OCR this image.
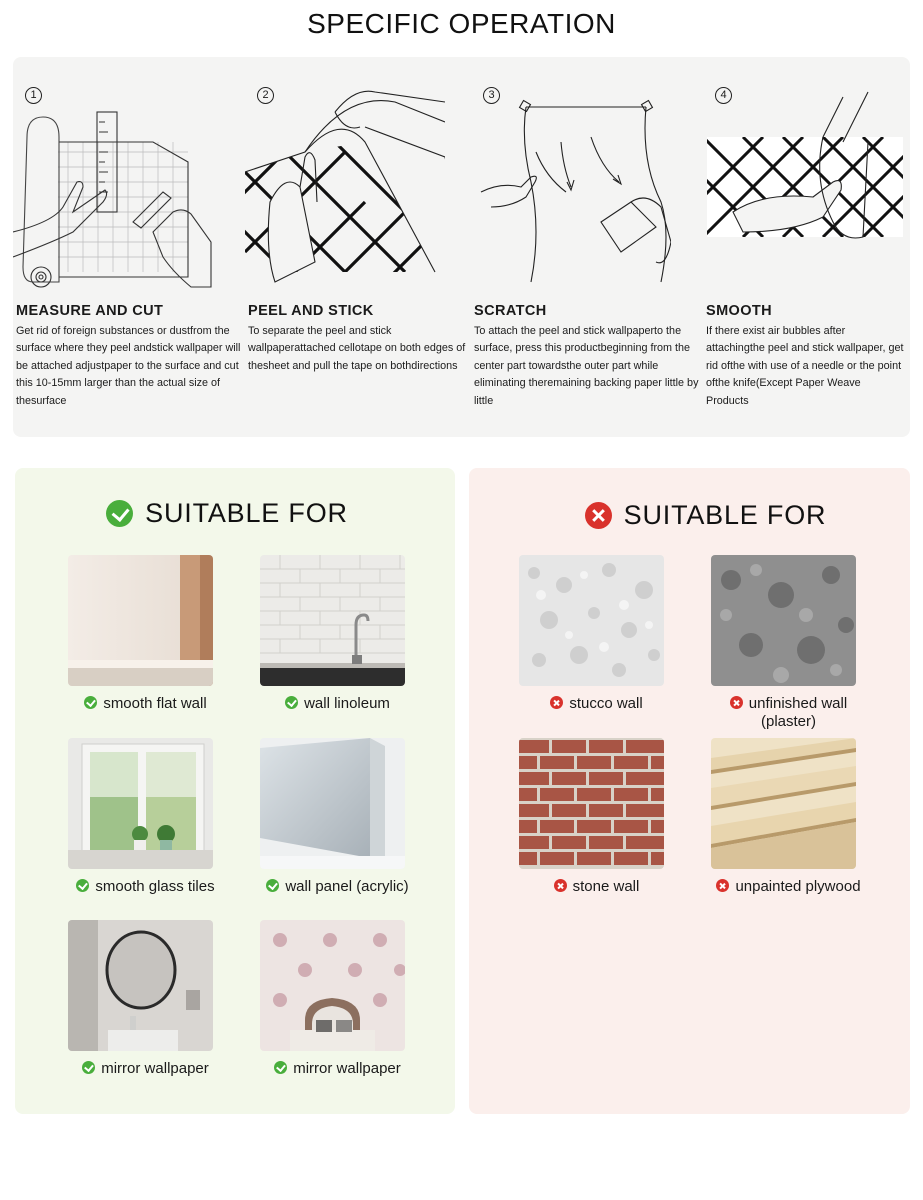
SPECIFIC OPERATION
1
MEASURE AND CUT
Get rid of foreign substances or dustfrom the surface where they peel andstick wallpaper will be attached adjustpaper to the surface and cut this 10-15mm larger than the actual size of thesurface
2
PEEL AND STICK
To separate the peel and stick wallpaperattached cellotape on both edges of thesheet and pull the tape on bothdirections
3
SCRATCH
To attach the peel and stick wallpaperto the surface, press this productbeginning from the center part towardsthe outer part while eliminating theremaining backing paper little by little
4
SMOOTH
If there exist air bubbles after attachingthe peel and stick wallpaper, get rid ofthe with use of a needle or the point ofthe knife(Except Paper Weave Products
SUITABLE FOR
smooth flat wall	wall linoleum
smooth glass tiles	wall panel (acrylic)
mirror wallpaper	mirror wallpaper
SUITABLE FOR
stucco wall	unfinished wall (plaster)
stone wall	unpainted plywood
